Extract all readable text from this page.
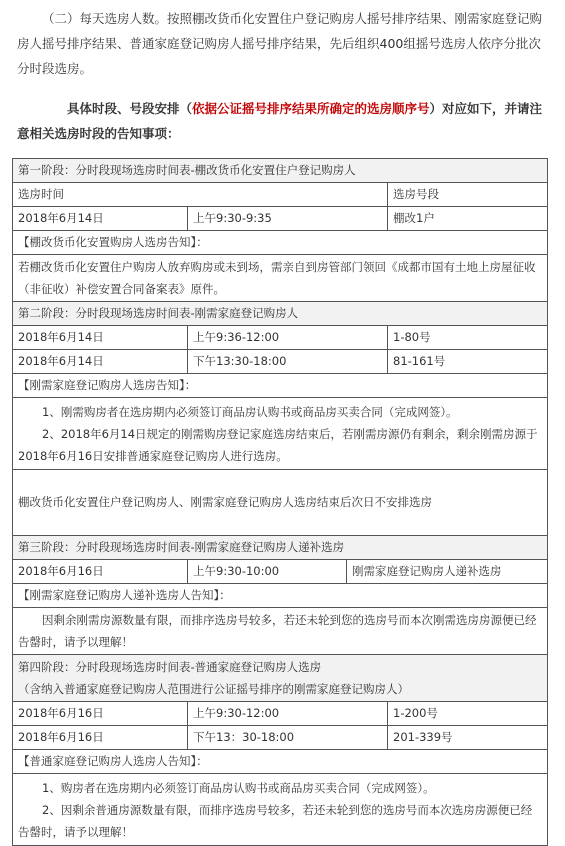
（二）每天选房人数。按照棚改货币化安置住户登记购房人摇号排序结果、刚需家庭登记购房人摇号排序结果、普通家庭登记购房人摇号排序结果，先后组织400组摇号选房人依序分批次分时段选房。
具体时段、号段安排（依据公证摇号排序结果所确定的选房顺序号）对应如下，并请注意相关选房时段的告知事项：
第一阶段：分时段现场选房时间表-棚改货币化安置住户登记购房人			
选房时间			选房号段
2018年6月14日	上午9:30-9:35		棚改1户
【棚改货币化安置购房人选房告知】：			
若棚改货币化安置住户购房人放弃购房或未到场，需亲自到房管部门领回《成都市国有土地上房屋征收（非征收）补偿安置合同备案表》原件。			
第二阶段：分时段现场选房时间表-刚需家庭登记购房人			
2018年6月14日	上午9:36-12:00		1-80号
2018年6月14日	下午13:30-18:00		81-161号
【刚需家庭登记购房人选房告知】：			

1、刚需购房者在选房期内必须签订商品房认购书或商品房买卖合同（完成网签）。
2、2018年6月14日规定的刚需购房登记家庭选房结束后，若刚需房源仍有剩余，剩余刚需房源于2018年6月16日安排普通家庭登记购房人进行选房。			

棚改货币化安置住户登记购房人、刚需家庭登记购房人选房结束后次日不安排选房			
第三阶段：分时段现场选房时间表-刚需家庭登记购房人递补选房			
2018年6月16日	上午9:30-10:00	刚需家庭登记购房人递补选房	
【刚需家庭登记购房人递补选房人告知】：			
因剩余刚需房源数量有限，而排序选房号较多，若还未轮到您的选房号而本次刚需选房房源便已经告罄时，请予以理解！			

第四阶段：分时段现场选房时间表-普通家庭登记购房人选房
（含纳入普通家庭登记购房人范围进行公证摇号排序的刚需家庭登记购房人）			

2018年6月16日	上午9:30-12:00		1-200号
2018年6月16日	下午13：30-18:00		201-339号
【普通家庭登记购房人选房人告知】：			

1、购房者在选房期内必须签订商品房认购书或商品房买卖合同（完成网签）。
2、因剩余普通房源数量有限，而排序选房号较多，若还未轮到您的选房号而本次选房房源便已经告罄时，请予以理解！			
